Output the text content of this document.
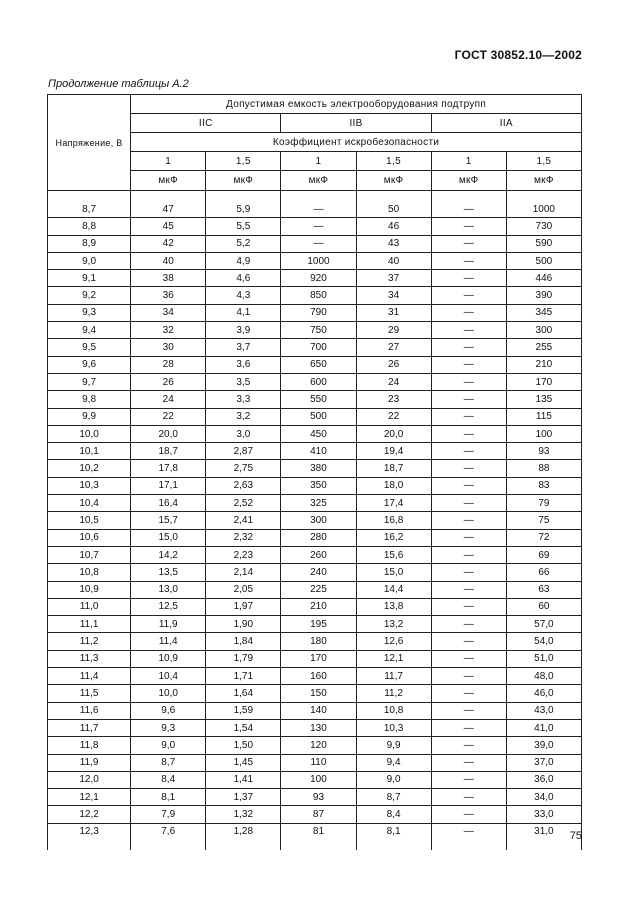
ГОСТ 30852.10—2002
Продолжение таблицы А.2
Напряжение, В	Допустимая емкость электрооборудования подтрупп					
	IIC		IIB		IIA	
	Коэффициент искробезопасности					
	1	1,5	1	1,5	1	1,5
	мкФ	мкФ	мкФ	мкФ	мкФ	мкФ

8,7	47	5,9	—	50	—	1000
8,8	45	5,5	—	46	—	730
8,9	42	5,2	—	43	—	590
9,0	40	4,9	1000	40	—	500
9,1	38	4,6	920	37	—	446
9,2	36	4,3	850	34	—	390
9,3	34	4,1	790	31	—	345
9,4	32	3,9	750	29	—	300
9,5	30	3,7	700	27	—	255
9,6	28	3,6	650	26	—	210
9,7	26	3,5	600	24	—	170
9,8	24	3,3	550	23	—	135
9,9	22	3,2	500	22	—	115
10,0	20,0	3,0	450	20,0	—	100
10,1	18,7	2,87	410	19,4	—	93
10,2	17,8	2,75	380	18,7	—	88
10,3	17,1	2,63	350	18,0	—	83
10,4	16,4	2,52	325	17,4	—	79
10,5	15,7	2,41	300	16,8	—	75
10,6	15,0	2,32	280	16,2	—	72
10,7	14,2	2,23	260	15,6	—	69
10,8	13,5	2,14	240	15,0	—	66
10,9	13,0	2,05	225	14,4	—	63
11,0	12,5	1,97	210	13,8	—	60
11,1	11,9	1,90	195	13,2	—	57,0
11,2	11,4	1,84	180	12,6	—	54,0
11,3	10,9	1,79	170	12,1	—	51,0
11,4	10,4	1,71	160	11,7	—	48,0
11,5	10,0	1,64	150	11,2	—	46,0
11,6	9,6	1,59	140	10,8	—	43,0
11,7	9,3	1,54	130	10,3	—	41,0
11,8	9,0	1,50	120	9,9	—	39,0
11,9	8,7	1,45	110	9,4	—	37,0
12,0	8,4	1,41	100	9,0	—	36,0
12,1	8,1	1,37	93	8,7	—	34,0
12,2	7,9	1,32	87	8,4	—	33,0
12,3	7,6	1,28	81	8,1	—	31,0
						75
